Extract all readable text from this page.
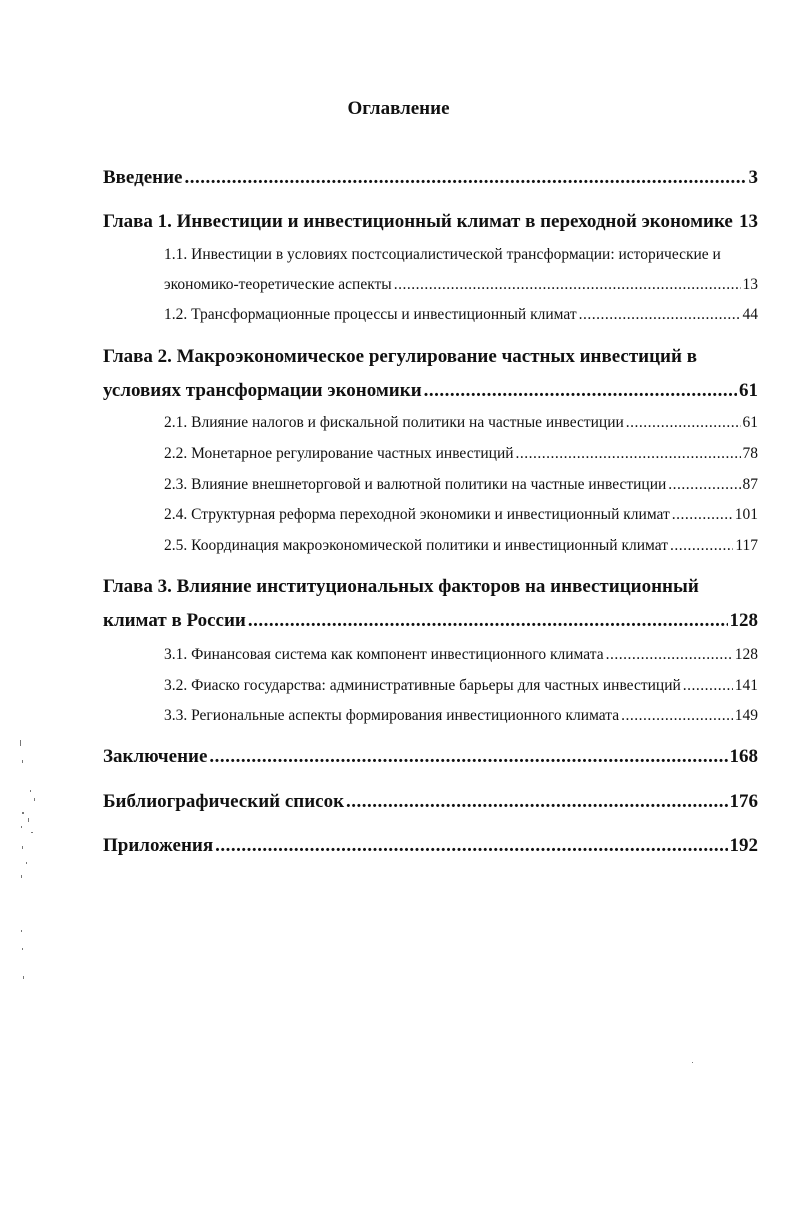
Оглавление
Введение .....	3
Глава 1. Инвестиции и инвестиционный климат в переходной экономике 13
1.1. Инвестиции в условиях постсоциалистической трансформации: исторические и
экономико-теоретические аспекты .....	13
1.2. Трансформационные процессы и инвестиционный климат .....	44
Глава 2. Макроэкономическое регулирование частных инвестиций в
условиях трансформации экономики .....	61
2.1. Влияние налогов и фискальной политики на частные инвестиции .....	61
2.2. Монетарное регулирование частных инвестиций .....	78
2.3. Влияние внешнеторговой и валютной политики на частные инвестиции .....	87
2.4. Структурная реформа переходной экономики и инвестиционный климат .....	101
2.5. Координация макроэкономической политики и инвестиционный климат .....	117
Глава 3. Влияние институциональных факторов на инвестиционный
климат в России .....	128
3.1. Финансовая система как компонент инвестиционного климата .....	128
3.2. Фиаско государства: административные барьеры для частных инвестиций .....	141
3.3. Региональные аспекты формирования инвестиционного климата .....	149
Заключение .....	168
Библиографический список .....	176
Приложения .....	192
